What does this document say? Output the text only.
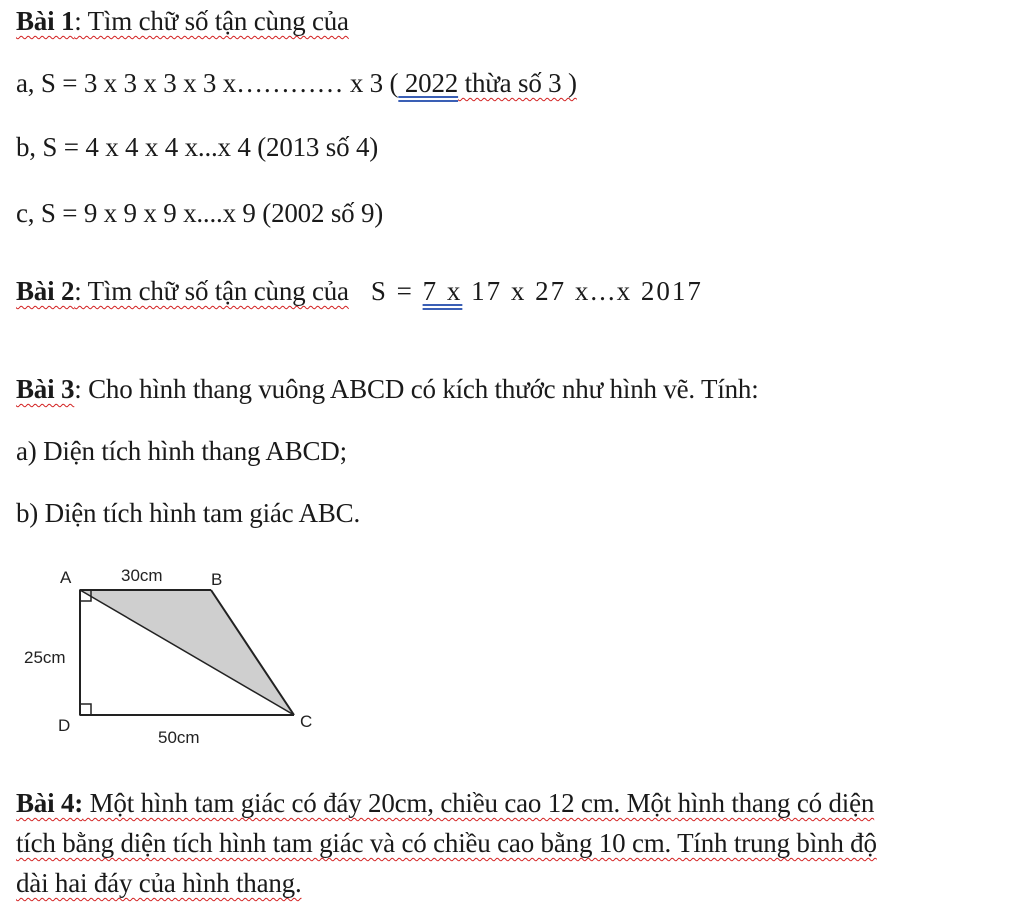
Bài 1: Tìm chữ số tận cùng của
a, S = 3 x 3 x 3 x 3 x………… x 3 ( 2022 thừa số 3 )
b, S = 4 x 4 x 4 x...x 4 (2013 số 4)
c, S = 9 x 9 x 9 x....x 9 (2002 số 9)
Bài 2: Tìm chữ số tận cùng của S = 7 x 17 x 27 x...x 2017
Bài 3: Cho hình thang vuông ABCD có kích thước như hình vẽ. Tính:
a) Diện tích hình thang ABCD;
b) Diện tích hình tam giác ABC.
A	B
C
D
30cm
25cm
50cm
Bài 4: Một hình tam giác có đáy 20cm, chiều cao 12 cm. Một hình thang có diện
tích bằng diện tích hình tam giác và có chiều cao bằng 10 cm. Tính trung bình độ
dài hai đáy của hình thang.
